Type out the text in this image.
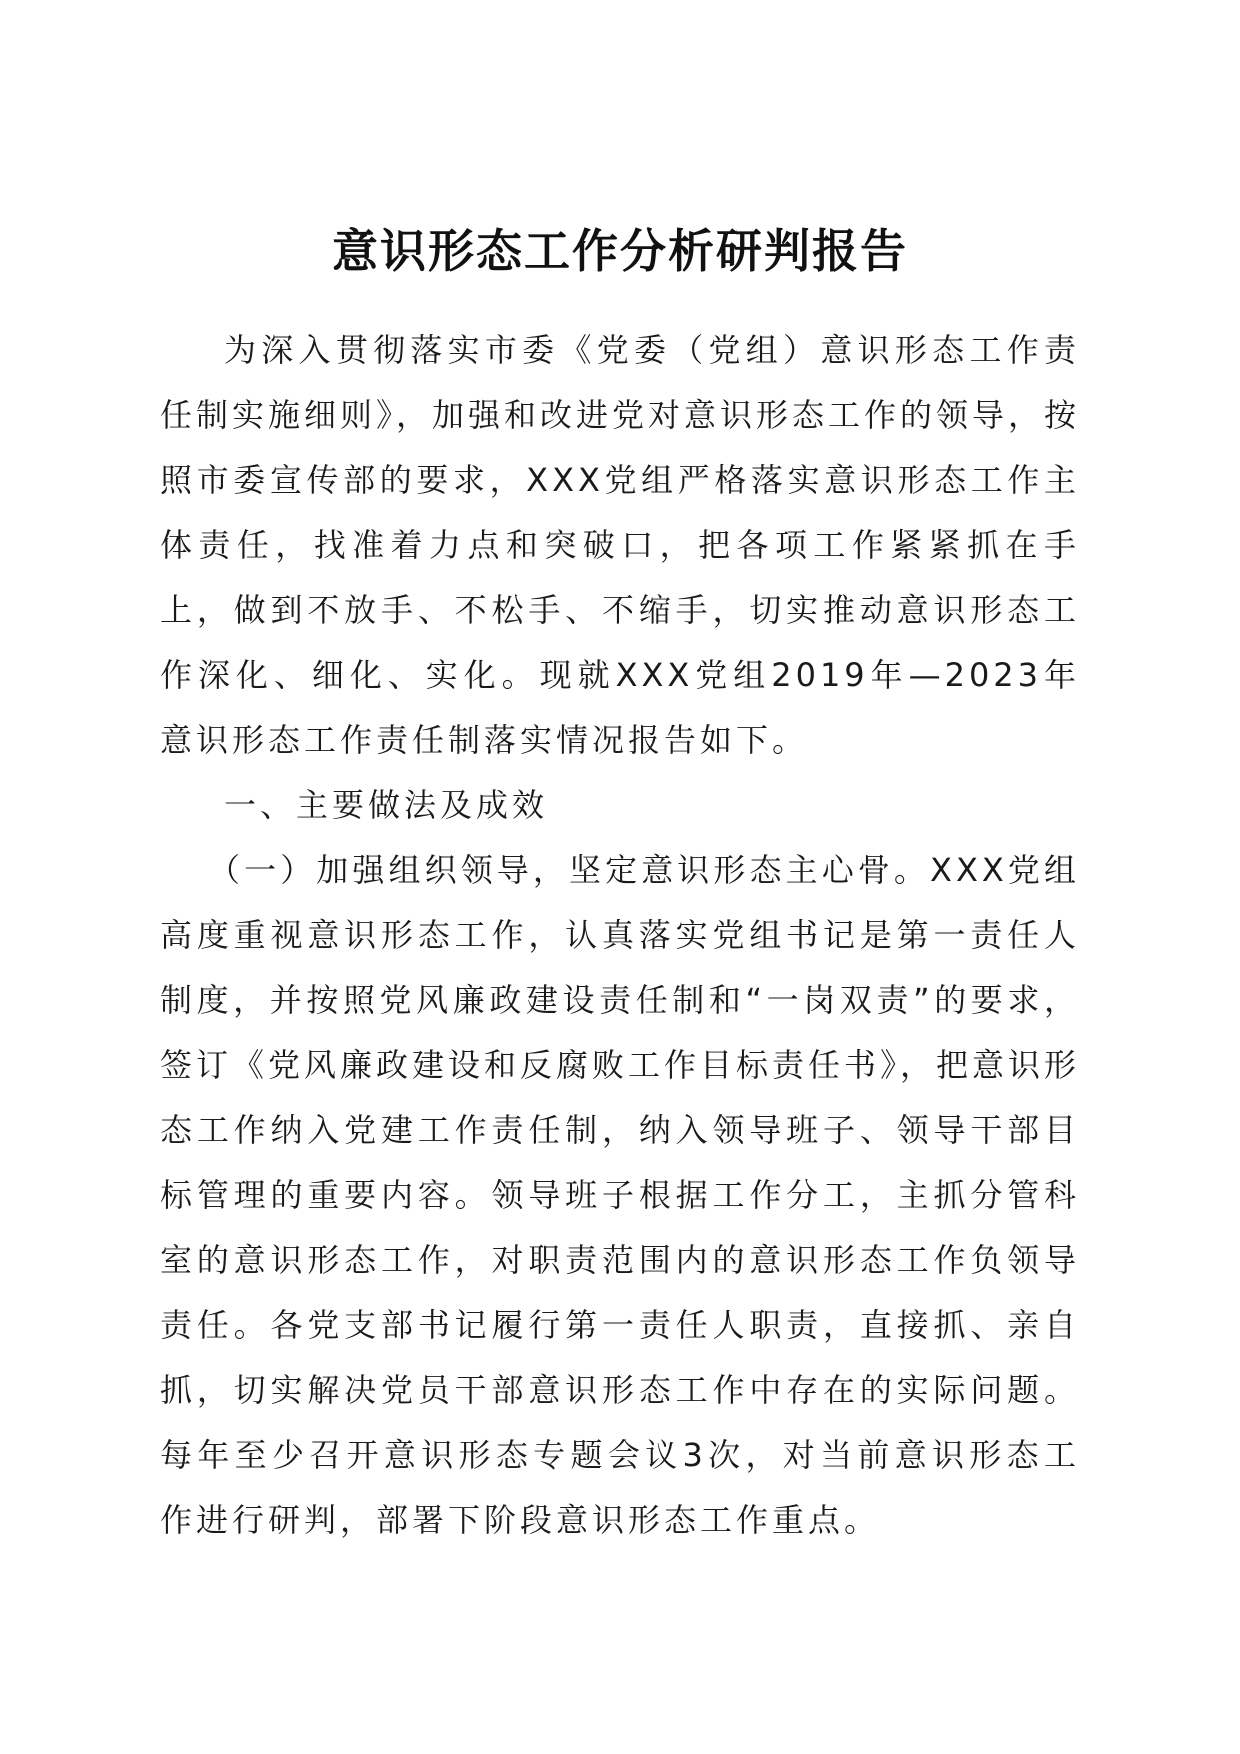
意识形态工作分析研判报告

为深入贯彻落实市委《党委（党组）意识形态工作责任制实施细则》，加强和改进党对意识形态工作的领导，按照市委宣传部的要求，XXX党组严格落实意识形态工作主体责任，找准着力点和突破口，把各项工作紧紧抓在手上，做到不放手、不松手、不缩手，切实推动意识形态工作深化、细化、实化。现就XXX党组2019年—2023年意识形态工作责任制落实情况报告如下。

一、主要做法及成效

（一）加强组织领导，坚定意识形态主心骨。XXX党组高度重视意识形态工作，认真落实党组书记是第一责任人制度，并按照党风廉政建设责任制和“一岗双责”的要求，签订《党风廉政建设和反腐败工作目标责任书》，把意识形态工作纳入党建工作责任制，纳入领导班子、领导干部目标管理的重要内容。领导班子根据工作分工，主抓分管科室的意识形态工作，对职责范围内的意识形态工作负领导责任。各党支部书记履行第一责任人职责，直接抓、亲自抓，切实解决党员干部意识形态工作中存在的实际问题。每年至少召开意识形态专题会议3次，对当前意识形态工作进行研判，部署下阶段意识形态工作重点。
